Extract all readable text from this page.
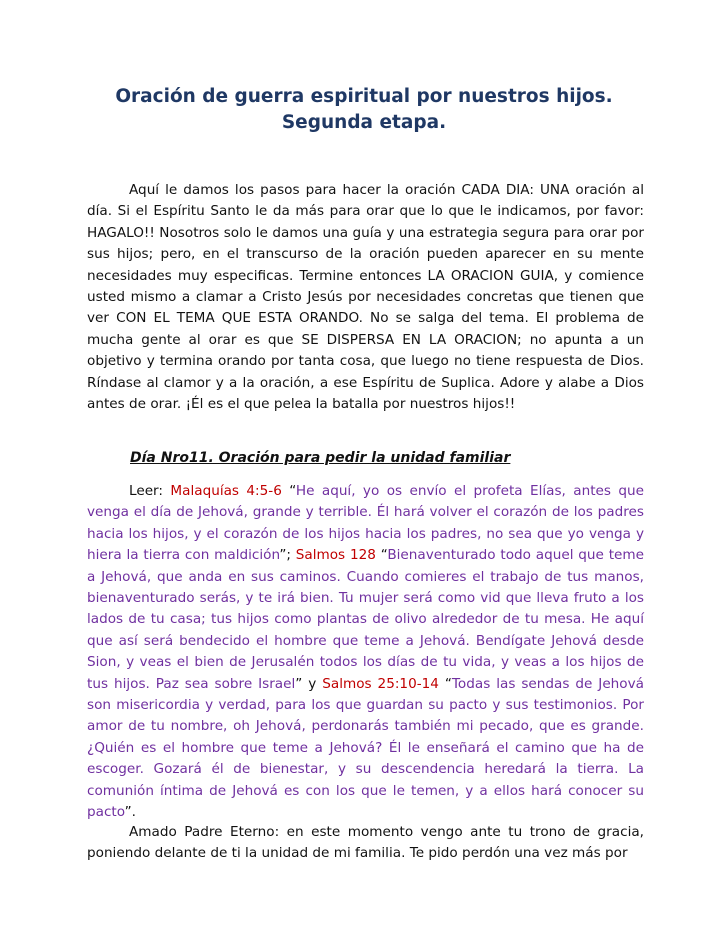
Oración de guerra espiritual por nuestros hijos. Segunda etapa.
Aquí le damos los pasos para hacer la oración CADA DIA: UNA oración al día. Si el Espíritu Santo le da más para orar que lo que le indicamos, por favor: HAGALO!! Nosotros solo le damos una guía y una estrategia segura para orar por sus hijos; pero, en el transcurso de la oración pueden aparecer en su mente necesidades muy especificas. Termine entonces LA ORACION GUIA, y comience usted mismo a clamar a Cristo Jesús por necesidades concretas que tienen que ver CON EL TEMA QUE ESTA ORANDO. No se salga del tema. El problema de mucha gente al orar es que SE DISPERSA EN LA ORACION; no apunta a un objetivo y termina orando por tanta cosa, que luego no tiene respuesta de Dios. Ríndase al clamor y a la oración, a ese Espíritu de Suplica. Adore y alabe a Dios antes de orar. ¡Él es el que pelea la batalla por nuestros hijos!!
Día Nro11. Oración para pedir la unidad familiar
Leer: Malaquías 4:5-6 “He aquí, yo os envío el profeta Elías, antes que venga el día de Jehová, grande y terrible. Él hará volver el corazón de los padres hacia los hijos, y el corazón de los hijos hacia los padres, no sea que yo venga y hiera la tierra con maldición”; Salmos 128 “Bienaventurado todo aquel que teme a Jehová, que anda en sus caminos. Cuando comieres el trabajo de tus manos, bienaventurado serás, y te irá bien. Tu mujer será como vid que lleva fruto a los lados de tu casa; tus hijos como plantas de olivo alrededor de tu mesa. He aquí que así será bendecido el hombre que teme a Jehová. Bendígate Jehová desde Sion, y veas el bien de Jerusalén todos los días de tu vida, y veas a los hijos de tus hijos. Paz sea sobre Israel” y Salmos 25:10-14 “Todas las sendas de Jehová son misericordia y verdad, para los que guardan su pacto y sus testimonios. Por amor de tu nombre, oh Jehová, perdonarás también mi pecado, que es grande. ¿Quién es el hombre que teme a Jehová? Él le enseñará el camino que ha de escoger. Gozará él de bienestar, y su descendencia heredará la tierra. La comunión íntima de Jehová es con los que le temen, y a ellos hará conocer su pacto”.
Amado Padre Eterno: en este momento vengo ante tu trono de gracia, poniendo delante de ti la unidad de mi familia. Te pido perdón una vez más por
